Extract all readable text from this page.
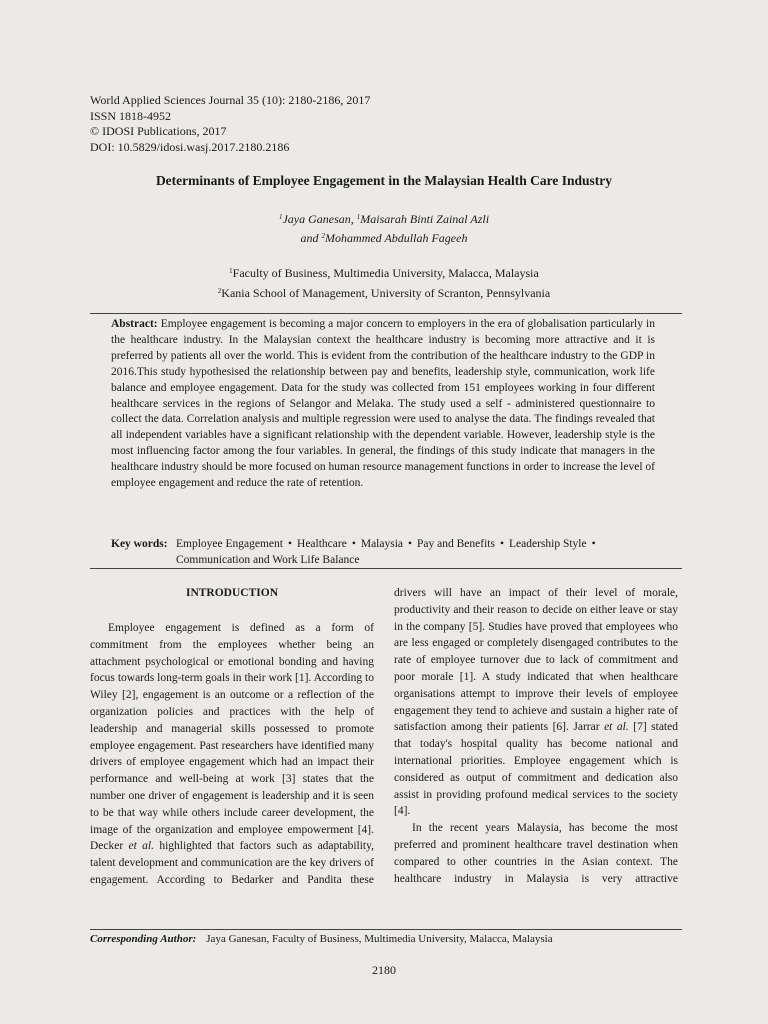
World Applied Sciences Journal 35 (10): 2180-2186, 2017
ISSN 1818-4952
© IDOSI Publications, 2017
DOI: 10.5829/idosi.wasj.2017.2180.2186
Determinants of Employee Engagement in the Malaysian Health Care Industry
$^1$Jaya Ganesan, $^1$Maisarah Binti Zainal Azli
and $^2$Mohammed Abdullah Fageeh
$^1$Faculty of Business, Multimedia University, Malacca, Malaysia
$^2$Kania School of Management, University of Scranton, Pennsylvania
Abstract: Employee engagement is becoming a major concern to employers in the era of globalisation particularly in the healthcare industry. In the Malaysian context the healthcare industry is becoming more attractive and it is preferred by patients all over the world. This is evident from the contribution of the healthcare industry to the GDP in 2016.This study hypothesised the relationship between pay and benefits, leadership style, communication, work life balance and employee engagement. Data for the study was collected from 151 employees working in four different healthcare services in the regions of Selangor and Melaka. The study used a self - administered questionnaire to collect the data. Correlation analysis and multiple regression were used to analyse the data. The findings revealed that all independent variables have a significant relationship with the dependent variable. However, leadership style is the most influencing factor among the four variables. In general, the findings of this study indicate that managers in the healthcare industry should be more focused on human resource management functions in order to increase the level of employee engagement and reduce the rate of retention.
Key words: Employee Engagement • Healthcare • Malaysia • Pay and Benefits • Leadership Style •
Communication and Work Life Balance
INTRODUCTION

Employee engagement is defined as a form of commitment from the employees whether being an attachment psychological or emotional bonding and having focus towards long-term goals in their work [1]. According to Wiley [2], engagement is an outcome or a reflection of the organization policies and practices with the help of leadership and managerial skills possessed to promote employee engagement. Past researchers have identified many drivers of employee engagement which had an impact their performance and well-being at work [3] states that the number one driver of engagement is leadership and it is seen to be that way while others include career development, the image of the organization and employee empowerment [4]. Decker et al. highlighted that factors such as adaptability, talent development and communication are the key drivers of engagement. According to Bedarker and Pandita these

drivers will have an impact of their level of morale, productivity and their reason to decide on either leave or stay in the company [5]. Studies have proved that employees who are less engaged or completely disengaged contributes to the rate of employee turnover due to lack of commitment and poor morale [1]. A study indicated that when healthcare organisations attempt to improve their levels of employee engagement they tend to achieve and sustain a higher rate of satisfaction among their patients [6]. Jarrar et al. [7] stated that today's hospital quality has become national and international priorities. Employee engagement which is considered as output of commitment and dedication also assist in providing profound medical services to the society [4].

In the recent years Malaysia, has become the most preferred and prominent healthcare travel destination when compared to other countries in the Asian context. The healthcare industry in Malaysia is very attractive

Corresponding Author: Jaya Ganesan, Faculty of Business, Multimedia University, Malacca, Malaysia
2180
